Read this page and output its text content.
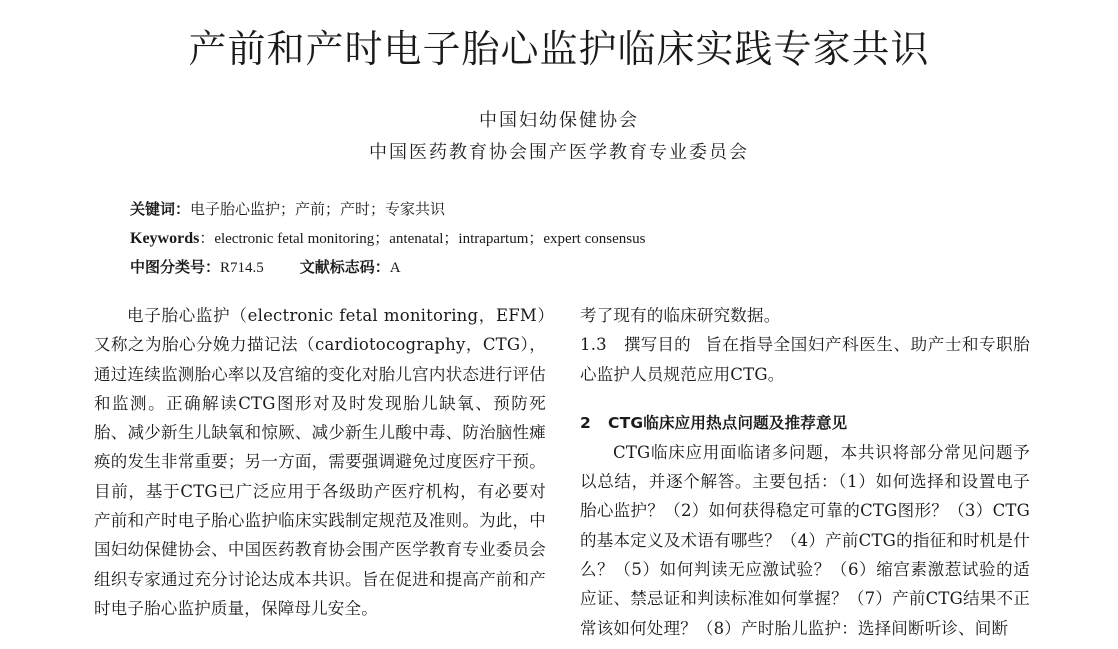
产前和产时电子胎心监护临床实践专家共识
中国妇幼保健协会
中国医药教育协会围产医学教育专业委员会
关键词：电子胎心监护；产前；产时；专家共识
Keywords：electronic fetal monitoring；antenatal；intrapartum；expert consensus
中图分类号：R714.5 文献标志码：A

电子胎心监护（electronic fetal monitoring，EFM）又称之为胎心分娩力描记法（cardiotocography，CTG），通过连续监测胎心率以及宫缩的变化对胎儿宫内状态进行评估和监测。正确解读CTG图形对及时发现胎儿缺氧、预防死胎、减少新生儿缺氧和惊厥、减少新生儿酸中毒、防治脑性瘫痪的发生非常重要；另一方面，需要强调避免过度医疗干预。目前，基于CTG已广泛应用于各级助产医疗机构，有必要对产前和产时电子胎心监护临床实践制定规范及准则。为此，中国妇幼保健协会、中国医药教育协会围产医学教育专业委员会组织专家通过充分讨论达成本共识。旨在促进和提高产前和产时电子胎心监护质量，保障母儿安全。

考了现有的临床研究数据。

1.3 撰写目的 旨在指导全国妇产科医生、助产士和专职胎心监护人员规范应用CTG。

2 CTG临床应用热点问题及推荐意见

CTG临床应用面临诸多问题，本共识将部分常见问题予以总结，并逐个解答。主要包括：（1）如何选择和设置电子胎心监护？（2）如何获得稳定可靠的CTG图形？（3）CTG的基本定义及术语有哪些？（4）产前CTG的指征和时机是什么？（5）如何判读无应激试验？（6）缩宫素激惹试验的适应证、禁忌证和判读标准如何掌握？（7）产前CTG结果不正常该如何处理？（8）产时胎儿监护：选择间断听诊、间断
